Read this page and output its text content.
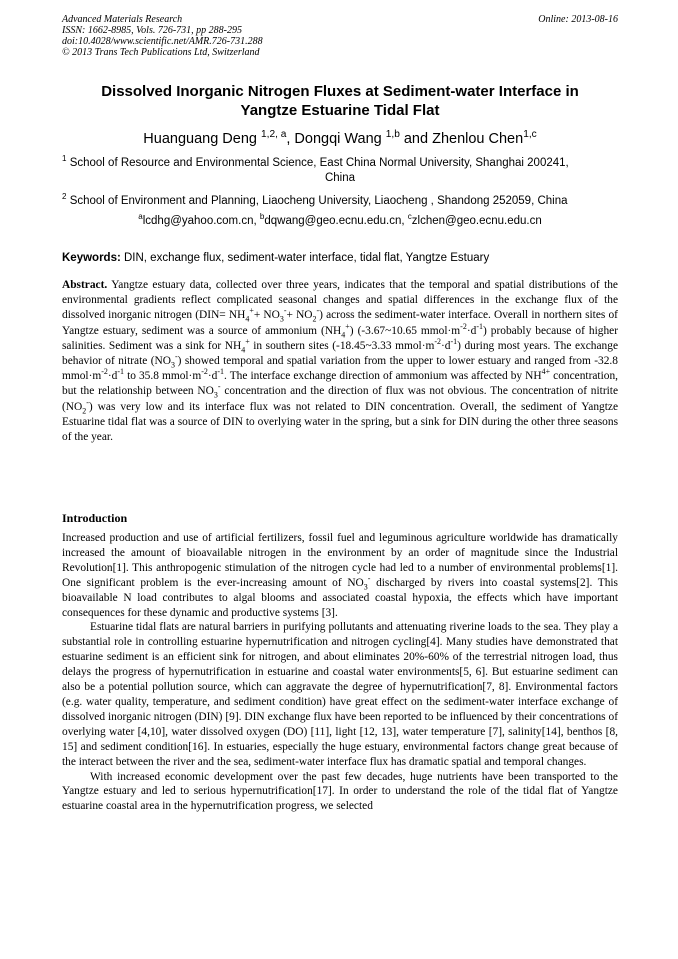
Advanced Materials Research
ISSN: 1662-8985, Vols. 726-731, pp 288-295
doi:10.4028/www.scientific.net/AMR.726-731.288
© 2013 Trans Tech Publications Ltd, Switzerland
Online: 2013-08-16
Dissolved Inorganic Nitrogen Fluxes at Sediment-water Interface in
Yangtze Estuarine Tidal Flat
Huanguang Deng $^{1,2, a}$, Dongqi Wang $^{1,b}$ and Zhenlou Chen$^{1,c}$
$^1$ School of Resource and Environmental Science, East China Normal University, Shanghai 200241,
China
$^2$ School of Environment and Planning, Liaocheng University, Liaocheng , Shandong 252059, China
$^a$lcdhg@yahoo.com.cn, $^b$dqwang@geo.ecnu.edu.cn, $^c$zlchen@geo.ecnu.edu.cn
Keywords: DIN, exchange flux, sediment-water interface, tidal flat, Yangtze Estuary
Abstract. Yangtze estuary data, collected over three years, indicates that the temporal and spatial distributions of the environmental gradients reflect complicated seasonal changes and spatial differences in the exchange flux of the dissolved inorganic nitrogen $(DIN= NH_4^++ NO_3^-+ NO_2^-)$ across the sediment-water interface. Overall in northern sites of Yangtze estuary, sediment was a source of ammonium $(NH_4^+)$ (-3.67~10.65 $mmol\cdot m^{-2}\cdot d^{-1}$) probably because of higher salinities. Sediment was a sink for $NH_4^+$ in southern sites (-18.45~3.33 $mmol\cdot m^{-2}\cdot d^{-1}$) during most years. The exchange behavior of nitrate $(NO_3^-)$ showed temporal and spatial variation from the upper to lower estuary and ranged from -32.8 $mmol\cdot m^{-2}\cdot d^{-1}$ to 35.8 $mmol\cdot m^{-2}\cdot d^{-1}$. The interface exchange direction of ammonium was affected by $NH^{4+}$ concentration, but the relationship between $NO_3^-$ concentration and the direction of flux was not obvious. The concentration of nitrite $(NO_2^-)$ was very low and its interface flux was not related to DIN concentration. Overall, the sediment of Yangtze Estuarine tidal flat was a source of DIN to overlying water in the spring, but a sink for DIN during the other three seasons of the year.
Introduction

Increased production and use of artificial fertilizers, fossil fuel and leguminous agriculture worldwide has dramatically increased the amount of bioavailable nitrogen in the environment by an order of magnitude since the Industrial Revolution[1]. This anthropogenic stimulation of the nitrogen cycle had led to a number of environmental problems[1]. One significant problem is the ever-increasing amount of $NO_3^-$ discharged by rivers into coastal systems[2]. This bioavailable N load contributes to algal blooms and associated coastal hypoxia, the effects which have important consequences for these dynamic and productive systems [3].

Estuarine tidal flats are natural barriers in purifying pollutants and attenuating riverine loads to the sea. They play a substantial role in controlling estuarine hypernutrification and nitrogen cycling[4]. Many studies have demonstrated that estuarine sediment is an efficient sink for nitrogen, and about eliminates 20%-60% of the terrestrial nitrogen load, thus delays the progress of hypernutrification in estuarine and coastal water environments[5, 6]. But estuarine sediment can also be a potential pollution source, which can aggravate the degree of hypernutrification[7, 8]. Environmental factors (e.g. water quality, temperature, and sediment condition) have great effect on the sediment-water interface exchange of dissolved inorganic nitrogen (DIN) [9]. DIN exchange flux have been reported to be influenced by their concentrations of overlying water [4,10], water dissolved oxygen (DO) [11], light [12, 13], water temperature [7], salinity[14], benthos [8, 15] and sediment condition[16]. In estuaries, especially the huge estuary, environmental factors change great because of the interact between the river and the sea, sediment-water interface flux has dramatic spatial and temporal changes.

With increased economic development over the past few decades, huge nutrients have been transported to the Yangtze estuary and led to serious hypernutrification[17]. In order to understand the role of the tidal flat of Yangtze estuarine coastal area in the hypernutrification progress, we selected
